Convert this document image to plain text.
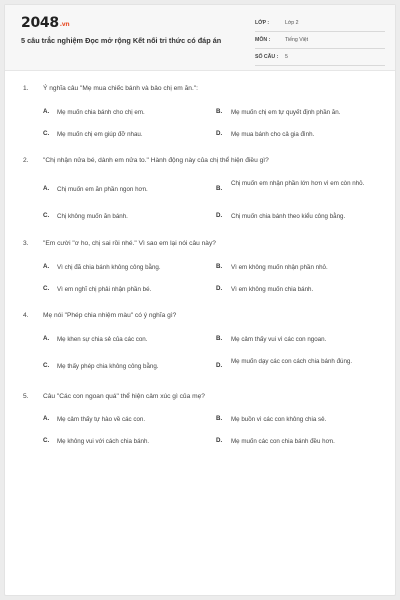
2048.vn
5 câu trắc nghiệm Đọc mở rộng Kết nối tri thức có đáp án
LỚP :	Lớp 2
MÔN :	Tiếng Việt
SỐ CÂU : 5
1. Ý nghĩa câu "Mẹ mua chiếc bánh và bảo chị em ăn.":
A. Mẹ muốn chia bánh cho chị em.	B. Mẹ muốn chị em tự quyết định phần ăn.
C. Mẹ muốn chị em giúp đỡ nhau.	D. Mẹ mua bánh cho cả gia đình.
2. "Chị nhận nửa bé, dành em nửa to." Hành động này của chị thể hiện điều gì?
A. Chị muốn em ăn phần ngon hơn.	B.
Chị muốn em nhận phần lớn hơn vì em còn nhỏ.
C. Chị không muốn ăn bánh.	D. Chị muốn chia bánh theo kiểu công bằng.
3. "Em cười "ơ ho, chị sai rồi nhé." Vì sao em lại nói câu này?
A. Vì chị đã chia bánh không công bằng.	B. Vì em không muốn nhận phần nhỏ.
C. Vì em nghĩ chị phải nhận phần bé.	D. Vì em không muốn chia bánh.
4. Mẹ nói "Phép chia nhiệm màu" có ý nghĩa gì?
A. Mẹ khen sự chia sẻ của các con.	B. Mẹ cảm thấy vui vì các con ngoan.
C. Mẹ thấy phép chia không công bằng.	D.
Mẹ muốn dạy các con cách chia bánh đúng.
5. Câu "Các con ngoan quá" thể hiện cảm xúc gì của mẹ?
A. Mẹ cảm thấy tự hào về các con.	B. Mẹ buồn vì các con không chia sẻ.
C. Mẹ không vui với cách chia bánh.	D. Mẹ muốn các con chia bánh đều hơn.
